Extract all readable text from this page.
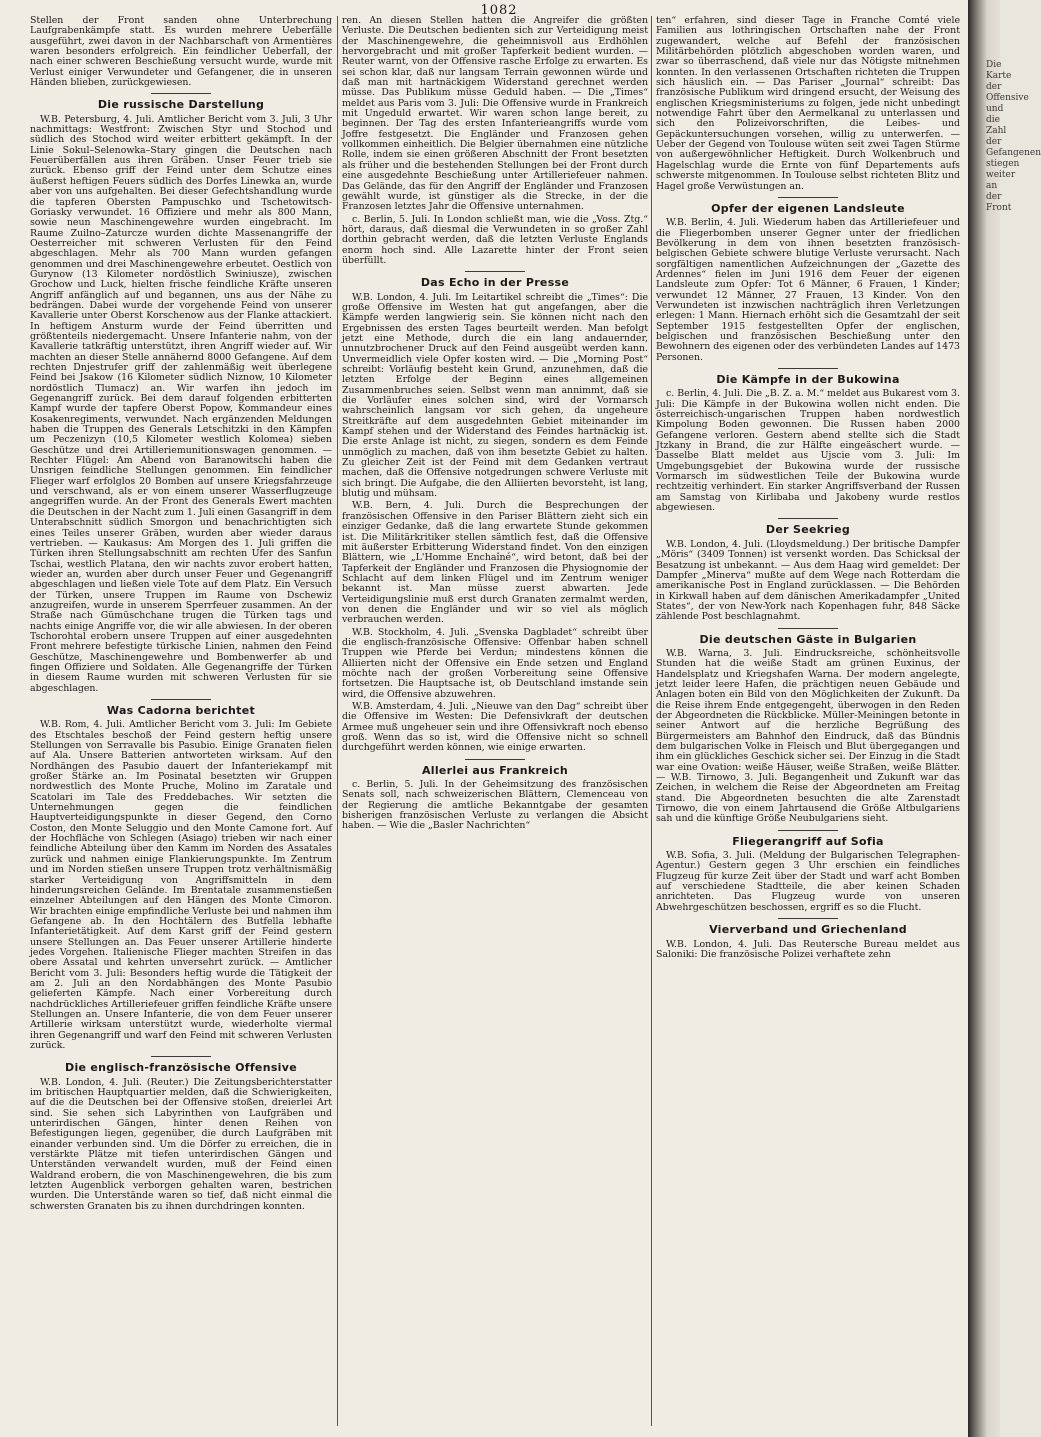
Die Karte der Offensive und die Zahl der Gefangenen stiegen weiter an der Front
1082

Stellen der Front sanden ohne Unterbrechung Laufgrabenkämpfe statt. Es wurden mehrere Ueberfälle ausgeführt, zwei davon in der Nachbarschaft von Armentières waren besonders erfolgreich. Ein feindlicher Ueberfall, der nach einer schweren Beschießung versucht wurde, wurde mit Verlust einiger Verwundeter und Gefangener, die in unseren Händen blieben, zurückgewiesen.

Die russische Darstellung

W.B. Petersburg, 4. Juli. Amtlicher Bericht vom 3. Juli, 3 Uhr nachmittags: Westfront: Zwischen Styr und Stochod und südlich des Stochod wird weiter erbittert gekämpft. In der Linie Sokul–Selenowka–Stary gingen die Deutschen nach Feuerüberfällen aus ihren Gräben. Unser Feuer trieb sie zurück. Ebenso griff der Feind unter dem Schutze eines äußerst heftigen Feuers südlich des Dorfes Linewka an, wurde aber von uns aufgehalten. Bei dieser Gefechtshandlung wurde die tapferen Obersten Pampuschko und Tschetowitsch-Goriasky verwundet. 16 Offiziere und mehr als 800 Mann, sowie neun Maschinengewehre wurden eingebracht. Im Raume Zuilno–Zaturcze wurden dichte Massenangriffe der Oesterreicher mit schweren Verlusten für den Feind abgeschlagen. Mehr als 700 Mann wurden gefangen genommen und drei Maschinengewehre erbeutet. Oestlich von Gurynow (13 Kilometer nordöstlich Swiniusze), zwischen Grochow und Luck, hielten frische feindliche Kräfte unseren Angriff anfänglich auf und begannen, uns aus der Nähe zu bedrängen. Dabei wurde der vorgehende Feind von unserer Kavallerie unter Oberst Korschenow aus der Flanke attackiert. In heftigem Ansturm wurde der Feind überritten und größtenteils niedergemacht. Unsere Infanterie nahm, von der Kavallerie tatkräftig unterstützt, ihren Angriff wieder auf. Wir machten an dieser Stelle annähernd 8000 Gefangene. Auf dem rechten Dnjestrufer griff der zahlenmäßig weit überlegene Feind bei Jsakow (16 Kilometer südlich Niznow, 10 Kilometer nordöstlich Tlumacz) an. Wir warfen ihn jedoch im Gegenangriff zurück. Bei dem darauf folgenden erbitterten Kampf wurde der tapfere Oberst Popow, Kommandeur eines Kosakenregiments, verwundet. Nach ergänzenden Meldungen haben die Truppen des Generals Letschitzki in den Kämpfen um Peczenizyn (10,5 Kilometer westlich Kolomea) sieben Geschütze und drei Artilleriemunitionswagen genommen. — Rechter Flügel: Am Abend von Baranowitschi haben die Unsrigen feindliche Stellungen genommen. Ein feindlicher Flieger warf erfolglos 20 Bomben auf unsere Kriegsfahrzeuge und verschwand, als er von einem unserer Wasserflugzeuge angegriffen wurde. An der Front des Generals Ewert machten die Deutschen in der Nacht zum 1. Juli einen Gasangriff in dem Unterabschnitt südlich Smorgon und benachrichtigten sich eines Teiles unserer Gräben, wurden aber wieder daraus vertrieben. — Kaukasus: Am Morgen des 1. Juli griffen die Türken ihren Stellungsabschnitt am rechten Ufer des Sanfun Tschai, westlich Platana, den wir nachts zuvor erobert hatten, wieder an, wurden aber durch unser Feuer und Gegenangriff abgeschlagen und ließen viele Tote auf dem Platz. Ein Versuch der Türken, unsere Truppen im Raume von Dschewiz anzugreifen, wurde in unserem Sperrfeuer zusammen. An der Straße nach Gümüschchane trugen die Türken tags und nachts einige Angriffe vor, die wir alle abwiesen. In der oberen Tschorohtal erobern unsere Truppen auf einer ausgedehnten Front mehrere befestigte türkische Linien, nahmen den Feind Geschütze, Maschinengewehre und Bombenwerfer ab und fingen Offiziere und Soldaten. Alle Gegenangriffe der Türken in diesem Raume wurden mit schweren Verlusten für sie abgeschlagen.

Was Cadorna berichtet

W.B. Rom, 4. Juli. Amtlicher Bericht vom 3. Juli: Im Gebiete des Etschtales beschoß der Feind gestern heftig unsere Stellungen von Serravalle bis Pasubio. Einige Granaten fielen auf Ala. Unsere Batterien antworteten wirksam. Auf den Nordhängen des Pasubio dauert der Infanteriekampf mit großer Stärke an. Im Posinatal besetzten wir Gruppen nordwestlich des Monte Pruche, Molino im Zaratale und Scatolari im Tale des Freddebaches. Wir setzten die Unternehmungen gegen die feindlichen Hauptverteidigungspunkte in dieser Gegend, den Corno Coston, den Monte Seluggio und den Monte Camone fort. Auf der Hochfläche von Schlegen (Asiago) trieben wir nach einer feindliche Abteilung über den Kamm im Norden des Assatales zurück und nahmen einige Flankierungspunkte. Im Zentrum und im Norden stießen unsere Truppen trotz verhältnismäßig starker Verteidigung von Angriffsmitteln in dem hinderungsreichen Gelände. Im Brentatale zusammenstießen einzelner Abteilungen auf den Hängen des Monte Cimoron. Wir brachten einige empfindliche Verluste bei und nahmen ihm Gefangene ab. In den Hochtälern des Butfella lebhafte Infanterietätigkeit. Auf dem Karst griff der Feind gestern unsere Stellungen an. Das Feuer unserer Artillerie hinderte jedes Vorgehen. Italienische Flieger machten Streifen in das obere Assatal und kehrten unversehrt zurück. — Amtlicher Bericht vom 3. Juli: Besonders heftig wurde die Tätigkeit der am 2. Juli an den Nordabhängen des Monte Pasubio gelieferten Kämpfe. Nach einer Vorbereitung durch nachdrückliches Artilleriefeuer griffen feindliche Kräfte unsere Stellungen an. Unsere Infanterie, die von dem Feuer unserer Artillerie wirksam unterstützt wurde, wiederholte viermal ihren Gegenangriff und warf den Feind mit schweren Verlusten zurück.

Die englisch-französische Offensive

W.B. London, 4. Juli. (Reuter.) Die Zeitungsberichterstatter im britischen Hauptquartier melden, daß die Schwierigkeiten, auf die die Deutschen bei der Offensive stoßen, dreierlei Art sind. Sie sehen sich Labyrinthen von Laufgräben und unterirdischen Gängen, hinter denen Reihen von Befestigungen liegen, gegenüber, die durch Laufgräben mit einander verbunden sind. Um die Dörfer zu erreichen, die in verstärkte Plätze mit tiefen unterirdischen Gängen und Unterständen verwandelt wurden, muß der Feind einen Waldrand erobern, die von Maschinengewehren, die bis zum letzten Augenblick verborgen gehalten waren, bestrichen wurden. Die Unterstände waren so tief, daß nicht einmal die schwersten Granaten bis zu ihnen durchdringen konnten.

ren. An diesen Stellen hatten die Angreifer die größten Verluste. Die Deutschen bedienten sich zur Verteidigung meist der Maschinengewehre, die geheimnisvoll aus Erdhöhlen hervorgebracht und mit großer Tapferkeit bedient wurden. — Reuter warnt, von der Offensive rasche Erfolge zu erwarten. Es sei schon klar, daß nur langsam Terrain gewonnen würde und daß man mit hartnäckigem Widerstand gerechnet werden müsse. Das Publikum müsse Geduld haben. — Die „Times“ meldet aus Paris vom 3. Juli: Die Offensive wurde in Frankreich mit Ungeduld erwartet. Wir waren schon lange bereit, zu beginnen. Der Tag des ersten Infanterieangriffs wurde vom Joffre festgesetzt. Die Engländer und Franzosen gehen vollkommen einheitlich. Die Belgier übernahmen eine nützliche Rolle, indem sie einen größeren Abschnitt der Front besetzten als früher und die bestehenden Stellungen bei der Front durch eine ausgedehnte Beschießung unter Artilleriefeuer nahmen. Das Gelände, das für den Angriff der Engländer und Franzosen gewählt wurde, ist günstiger als die Strecke, in der die Franzosen letztes Jahr die Offensive unternahmen.

c. Berlin, 5. Juli. In London schließt man, wie die „Voss. Ztg.“ hört, daraus, daß diesmal die Verwundeten in so großer Zahl dorthin gebracht werden, daß die letzten Verluste Englands enorm hoch sind. Alle Lazarette hinter der Front seien überfüllt.

Das Echo in der Presse

W.B. London, 4. Juli. Im Leitartikel schreibt die „Times“: Die große Offensive im Westen hat gut angefangen, aber die Kämpfe werden langwierig sein. Sie können nicht nach den Ergebnissen des ersten Tages beurteilt werden. Man befolgt jetzt eine Methode, durch die ein lang andauernder, unnutzbrochener Druck auf den Feind ausgeübt werden kann. Unvermeidlich viele Opfer kosten wird. — Die „Morning Post“ schreibt: Vorläufig besteht kein Grund, anzunehmen, daß die letzten Erfolge der Beginn eines allgemeinen Zusammenbruches seien. Selbst wenn man annimmt, daß sie die Vorläufer eines solchen sind, wird der Vormarsch wahrscheinlich langsam vor sich gehen, da ungeheure Streitkräfte auf dem ausgedehnten Gebiet miteinander im Kampf stehen und der Widerstand des Feindes hartnäckig ist. Die erste Anlage ist nicht, zu siegen, sondern es dem Feinde unmöglich zu machen, daß von ihm besetzte Gebiet zu halten. Zu gleicher Zeit ist der Feind mit dem Gedanken vertraut machen, daß die Offensive notgedrungen schwere Verluste mit sich bringt. Die Aufgabe, die den Alliierten bevorsteht, ist lang, blutig und mühsam.

W.B. Bern, 4. Juli. Durch die Besprechungen der französischen Offensive in den Pariser Blättern zieht sich ein einziger Gedanke, daß die lang erwartete Stunde gekommen ist. Die Militärkritiker stellen sämtlich fest, daß die Offensive mit äußerster Erbitterung Widerstand findet. Von den einzigen Blättern, wie „L'Homme Enchaîné“, wird betont, daß bei der Tapferkeit der Engländer und Franzosen die Physiognomie der Schlacht auf dem linken Flügel und im Zentrum weniger bekannt ist. Man müsse zuerst abwarten. Jede Verteidigungslinie muß erst durch Granaten zermalmt werden, von denen die Engländer und wir so viel als möglich verbrauchen werden.

W.B. Stockholm, 4. Juli. „Svenska Dagbladet“ schreibt über die englisch-französische Offensive: Offenbar haben schnell Truppen wie Pferde bei Verdun; mindestens können die Alliierten nicht der Offensive ein Ende setzen und England möchte nach der großen Vorbereitung seine Offensive fortsetzen. Die Hauptsache ist, ob Deutschland imstande sein wird, die Offensive abzuwehren.

W.B. Amsterdam, 4. Juli. „Nieuwe van den Dag“ schreibt über die Offensive im Westen: Die Defensivkraft der deutschen Armee muß ungeheuer sein und ihre Offensivkraft noch ebenso groß. Wenn das so ist, wird die Offensive nicht so schnell durchgeführt werden können, wie einige erwarten.

Allerlei aus Frankreich

c. Berlin, 5. Juli. In der Geheimsitzung des französischen Senats soll, nach schweizerischen Blättern, Clemenceau von der Regierung die amtliche Bekanntgabe der gesamten bisherigen französischen Verluste zu verlangen die Absicht haben. — Wie die „Basler Nachrichten“

ten“ erfahren, sind dieser Tage in Franche Comté viele Familien aus lothringischen Ortschaften nahe der Front zugewandert, welche auf Befehl der französischen Militärbehörden plötzlich abgeschoben worden waren, und zwar so überraschend, daß viele nur das Nötigste mitnehmen konnten. In den verlassenen Ortschaften richteten die Truppen sich häuslich ein. — Das Pariser „Journal“ schreibt: Das französische Publikum wird dringend ersucht, der Weisung des englischen Kriegsministeriums zu folgen, jede nicht unbedingt notwendige Fahrt über den Aermelkanal zu unterlassen und sich den Polizeivorschriften, die Leibes- und Gepäckuntersuchungen vorsehen, willig zu unterwerfen. — Ueber der Gegend von Toulouse wüten seit zwei Tagen Stürme von außergewöhnlicher Heftigkeit. Durch Wolkenbruch und Hagelschlag wurde die Ernte von fünf Departements aufs schwerste mitgenommen. In Toulouse selbst richteten Blitz und Hagel große Verwüstungen an.

Opfer der eigenen Landsleute

W.B. Berlin, 4. Juli. Wiederum haben das Artilleriefeuer und die Fliegerbomben unserer Gegner unter der friedlichen Bevölkerung in dem von ihnen besetzten französisch-belgischen Gebiete schwere blutige Verluste verursacht. Nach sorgfältigen namentlichen Aufzeichnungen der „Gazette des Ardennes“ fielen im Juni 1916 dem Feuer der eigenen Landsleute zum Opfer: Tot 6 Männer, 6 Frauen, 1 Kinder; verwundet 12 Männer, 27 Frauen, 13 Kinder. Von den Verwundeten ist inzwischen nachträglich ihren Verletzungen erlegen: 1 Mann. Hiernach erhöht sich die Gesamtzahl der seit September 1915 festgestellten Opfer der englischen, belgischen und französischen Beschießung unter den Bewohnern des eigenen oder des verbündeten Landes auf 1473 Personen.

Die Kämpfe in der Bukowina

c. Berlin, 4. Juli. Die „B. Z. a. M.“ meldet aus Bukarest vom 3. Juli: Die Kämpfe in der Bukowina wollen nicht enden. Die österreichisch-ungarischen Truppen haben nordwestlich Kimpolung Boden gewonnen. Die Russen haben 2000 Gefangene verloren. Gestern abend stellte sich die Stadt Jtzkany in Brand, die zur Hälfte eingeäschert wurde. — Dasselbe Blatt meldet aus Ujscie vom 3. Juli: Im Umgebungsgebiet der Bukowina wurde der russische Vormarsch im südwestlichen Teile der Bukowina wurde rechtzeitig verhindert. Ein starker Angriffsverband der Russen am Samstag von Kirlibaba und Jakobeny wurde restlos abgewiesen.

Der Seekrieg

W.B. London, 4. Juli. (Lloydsmeldung.) Der britische Dampfer „Möris“ (3409 Tonnen) ist versenkt worden. Das Schicksal der Besatzung ist unbekannt. — Aus dem Haag wird gemeldet: Der Dampfer „Minerva“ mußte auf dem Wege nach Rotterdam die amerikanische Post in England zurücklassen. — Die Behörden in Kirkwall haben auf dem dänischen Amerikadampfer „United States“, der von New-York nach Kopenhagen fuhr, 848 Säcke zählende Post beschlagnahmt.

Die deutschen Gäste in Bulgarien

W.B. Warna, 3. Juli. Eindrucksreiche, schönheitsvolle Stunden hat die weiße Stadt am grünen Euxinus, der Handelsplatz und Kriegshafen Warna. Der modern angelegte, jetzt leider leere Hafen, die prächtigen neuen Gebäude und Anlagen boten ein Bild von den Möglichkeiten der Zukunft. Da die Reise ihrem Ende entgegengeht, überwogen in den Reden der Abgeordneten die Rückblicke. Müller-Meiningen betonte in seiner Antwort auf die herzliche Begrüßung des Bürgermeisters am Bahnhof den Eindruck, daß das Bündnis dem bulgarischen Volke in Fleisch und Blut übergegangen und ihm ein glückliches Geschick sicher sei. Der Einzug in die Stadt war eine Ovation: weiße Häuser, weiße Straßen, weiße Blätter. — W.B. Tirnowo, 3. Juli. Begangenheit und Zukunft war das Zeichen, in welchem die Reise der Abgeordneten am Freitag stand. Die Abgeordneten besuchten die alte Zarenstadt Tirnowo, die von einem Jahrtausend die Größe Altbulgariens sah und die künftige Größe Neubulgariens sieht.

Fliegerangriff auf Sofia

W.B. Sofia, 3. Juli. (Meldung der Bulgarischen Telegraphen-Agentur.) Gestern gegen 3 Uhr erschien ein feindliches Flugzeug für kurze Zeit über der Stadt und warf acht Bomben auf verschiedene Stadtteile, die aber keinen Schaden anrichteten. Das Flugzeug wurde von unseren Abwehrgeschützen beschossen, ergriff es so die Flucht.

Vierverband und Griechenland

W.B. London, 4. Juli. Das Reutersche Bureau meldet aus Saloniki: Die französische Polizei verhaftete zehn
